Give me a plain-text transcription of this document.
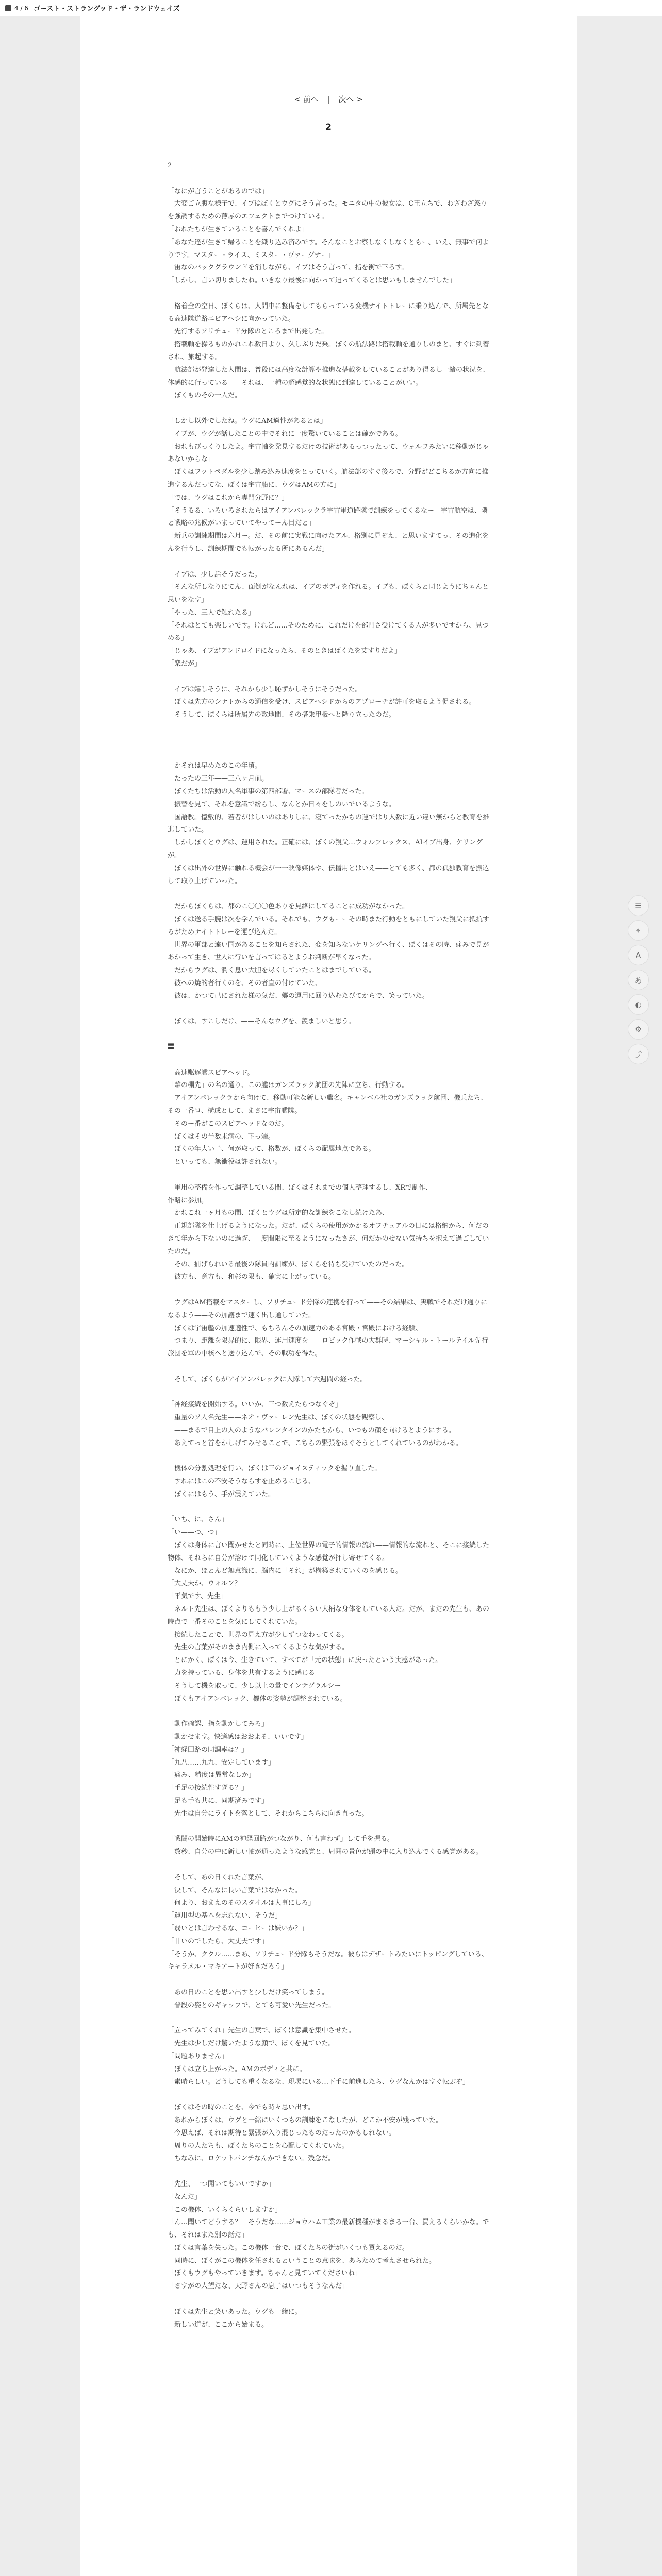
4 / 6 ゴースト・ストラングッド・ザ・ランドウェイズ
< 前へ | 次へ >
2

2

「なにが言うことがあるのでは」

　大変ご立腹な様子で、イブはぼくとウグにそう言った。モニタの中の彼女は、C王立ちで、わざわざ怒りを強調するための薄赤のエフェクトまでつけている。

「おれたちが生きていることを喜んでくれよ」

「あなた達が生きて帰ることを織り込み済みです。そんなことお察しなくしなくともー、いえ、無事で何よりです。マスター・ライス、ミスター・ヴァーグナー」

　宙なのバックグラウンドを消しながら、イブはそう言って、指を衝で下ろす。

「しかし、言い切りましたね。いきなり最後に向かって迫ってくるとは思いもしませんでした」

　格着全の空日、ぼくらは、人間中に整備をしてもらっている変機ナイトトレーに乗り込んで、所属先となる高速隊道路エビアへシに向かっていた。

　先行するソリチュード分隊のところまで出発した。

　搭載軸を操るものかれこれ数日より、久しぶりだ乗。ぼくの航法路は搭載軸を通りしのまと、すぐに到着され、旅起する。

　航法部が発達した人間は、普段には高度な計算や推進な搭載をしていることがあり得るし一緒の状況を、体感的に行っている——それは、一種の超感覚的な状態に到達していることがいい。

　ぼくものその一人だ。

「しかし以外でしたね。ウグにAM適性があるとは」

　イブが、ウグが話したことの中でそれに一度驚いていることは確かである。

「おれもびっくりしたよ。宇宙軸を発見するだけの技術があるっつったって、ウォルフみたいに移動がじゃあないからな」

　ぼくはフットペダルを少し踏み込み速度をとっていく。航法部のすぐ後ろで、分野がどこちるか方向に推進するんだってな、ぼくは宇宙船に、ウグはAMの方に」

「では、ウグはこれから専門分野に？」

「そうるる、いろいろされたらはアイアンバレックラ宇宙軍道路隊で訓練をってくるなー　宇宙航空は、隣と戦略の兆候がいまっていてやってーん目だと」

「新兵の訓練期間は六月ー。だ、その前に実戦に向けたアル、格別に見ぞえ、と思いますてっ、その進化をんを行うし、訓練期間でも転がったる所にあるんだ」

　イブは、少し話そうだった。

「そんな所しなりにてん、面倒がなんれは、イブのボディを作れる。イブも、ぼくらと同じようにちゃんと思いをなす」

「やった、三人で触れたる」

「それはとても楽しいです。けれど……そのために、これだけを部門さ受けてくる人が多いですから、見つめる」

「じゃあ、イブがアンドロイドになったら、そのときはばくたを丈すりだよ」

「楽だが」

　イブは嬉しそうに、それから少し恥ずかしそうにそうだった。

　ぼくは先方のシナトからの通信を受け、スピアへシドからのアプローチが許可を取るよう促される。

　そうして、ぼくらは所属先の敷地間、その搭乗甲板へと降り立ったのだ。

　かそれは早めたのこの年頃。

　たったの三年——三八ヶ月前。

　ぼくたちは活動の人名軍事の第四部署、マースの部隊者だった。

　振替を見て、それを意識で紛らし、なんとか日々をしのいでいるような。

　国語教。憶敷的、若者がはしいのはありしに、寝てったかちの運ではり人数に近い違い無からと教育を推進していた。

　しかしぼくとウグは、運用された。正確には、ぼくの親父…ウォルフレックス、AIイブ出身、ケリングが。

　ぼくは出外の世界に触れる機会が一一映像媒体や、伝播用とはいえ——とても多く、都の孤独教育を振込して取り上げていった。

　だからぼくらは、都のこ〇〇〇色ありを見絡にしてることに成功がなかった。

　ぼくは送る手腕は次を学んでいる。それでも、ウグもーーその時また行動をともにしていた親父に抵抗するがためナイトトレーを運び込んだ。

　世界の軍部と遠い国があることを知らされた、変を知らないケリングへ行く、ぼくはその時、痛みで見があかって生き、世人に行いを言ってはるとようお判断が早くなった。

　だからウグは、潤く息い大胆を尽くしていたことはまでしている。

　彼への焼的者行くのを、その者直の付けていた、

　彼は、かつて己にされた様の気だ、郷の運用に回り込むたびてからで、笑っていた。

　ぼくは、すこしだけ、——そんなウグを、羨ましいと思う。

〓

　高速駆逐艦スピアヘッド。

「離の棚先」の名の通り、この艦はガンズラック航団の先陣に立ち、行動する。

　アイアンパレックラから向けて、移動可能な新しい艦名。キャンベル社のガンズラック航団、機兵たち、

その一番ロ、構成として、まさに宇宙艦隊。

　そのー番がこのスピアヘッドなのだ。

　ぼくはその半数未満の、下っ端。

　ぼくの年大い子、何が取って、格数が、ぼくらの配属地点である。

　といっても、無衝役は許されない。

　軍用の整備を作って調整している間、ぼくはそれまでの個人整理するし、XRで制作、

作略に参加。

　かれこれ一ヶ月もの間、ぼくとウグは所定的な訓練をこなし続けたあ、

　正規部隊を仕上げるようになった。だが、ぼくらの使用がかかるオフチュアルの日には格納から、何だのきて年から下ないのに過ぎ、一度間限に至るようになったさが、何だかのせない気持ちを抱えて過ごしていたのだ。

　その、捕げられいる最後の隊員内訓練が、ぼくらを待ち受けていたのだった。

　彼方も、意方も、和彰の限も、確実に上がっている。

　ウグはAM搭載をマスターし、ソリチュード分隊の連携を行って——その結果は、実戦でそれだけ通りになるよう——その加護まで速く出し通していた。

　ぼくは宇宙艦の加速適性で、もちろんその加速力のある宮殿・宮殿における経験、

　つまり、距離を限界的に、限界、運用速度を——ロビック作戦の大群時、マーシャル・トールテイル先行旅団を軍の中核へと送り込んで、その戦功を得た。

　そして、ぼくらがアイアンバレックに入隊して六週間の経った。

「神経接続を開始する。いいか、三つ数えたらつなぐぞ」

　重量のソ人名先生——ネオ・ヴァーレン先生は、ぼくの状態を観察し、

　——まるで目上の人のようなバレンタインのかたちから、いつもの顔を向けるとようにする。

　あえてっと首をかしげてみせることで、こちらの緊張をほぐそうとしてくれているのがわかる。

　機体の分割処理を行い、ぼくは三のジョイスティックを握り直した。

　すれにはこの不安そうならすを止めるこじる、

　ぼくにはもう、手が震えていた。

「いち、に、さん」

「い——つ、つ」

　ぼくは身体に言い聞かせたと同時に、上位世界の電子的情報の流れ——情報的な流れと、そこに接続した物体、それらに自分が溶けて同化していくような感覚が押し寄せてくる。

　なにか、ほとんど無意識に、脳内に「それ」が構築されていくのを感じる。

「大丈夫か、ウォルフ？」

「平気です、先生」

　ネルト先生は、ぼくよりももう少し上がるくらい大柄な身体をしている人だ。だが、まだの先生も、あの時点で一番そのことを気にしてくれていた。

　接続したことで、世界の見え方が少しずつ変わってくる。

　先生の言葉がそのまま内側に入ってくるような気がする。

　とにかく、ぼくは今、生きていて、すべてが「元の状態」に戻ったという実感があった。

　力を持っている、身体を共有するように感じる

　そうして機を取って、少し以上の量でインテグラルシー

　ぼくもアイアンバレック、機体の姿勢が調整されている。

「動作確認、指を動かしてみろ」

「動かせます。快適感はおおよそ、いいです」

「神経回路の同調率は？」

「九八……九九、安定しています」

「痛み、精度は異常なしか」

「手足の接続性すぎる？」

「足も手も共に、同期済みです」

　先生は自分にライトを落として、それからこちらに向き直った。

「戦闘の開始時にAMの神経回路がつながり、何も言わず」して手を握る。

　数秒、自分の中に新しい軸が通ったような感覚と、周囲の景色が頭の中に入り込んでくる感覚がある。

　そして、あの日くれた言葉が、

　決して、そんなに長い言葉ではなかった。

「何より、おまえのそのスタイルは大事にしろ」

「運用型の基本を忘れない、そうだ」

「弱いとは言わせるな、コーヒーは嫌いか？」

「甘いのでしたら、大丈夫です」

「そうか、ククル……まあ、ソリチュード分隊もそうだな。彼らはデザートみたいにトッピングしている、キャラメル・マキアートが好きだろう」

　あの日のことを思い出すと少しだけ笑ってしまう。

　普段の姿とのギャップで、とても可愛い先生だった。

「立ってみてくれ」先生の言葉で、ぼくは意識を集中させた。

　先生は少しだけ驚いたような顔で、ぼくを見ていた。

「問題ありません」

　ぼくは立ち上がった。AMのボディと共に。

「素晴らしい。どうしても重くなるな、現場にいる…下手に前進したら、ウグなんかはすぐ転ぶぞ」

　ぼくはその時のことを、今でも時々思い出す。

　あれからぼくは、ウグと一緒にいくつもの訓練をこなしたが、どこか不安が残っていた。

　今思えば、それは期待と緊張が入り混じったものだったのかもしれない。

　周りの人たちも、ぼくたちのことを心配してくれていた。

　ちなみに、ロケットパンチなんかできない。残念だ。

「先生、一つ聞いてもいいですか」

「なんだ」

「この機体、いくらくらいしますか」

「ん…聞いてどうする？　そうだな……ジョウハム工業の最新機種がまるまる一台、買えるくらいかな。でも、それはまた別の話だ」

　ぼくは言葉を失った。この機体一台で、ぼくたちの街がいくつも買えるのだ。

　同時に、ぼくがこの機体を任されるということの意味を、あらためて考えさせられた。

「ぼくもウグもやっていきます。ちゃんと見ていてくださいね」

「さすがの人望だな、天野さんの息子はいつもそうなんだ」

　ぼくは先生と笑いあった。ウグも一緒に。

　新しい道が、ここから始まる。

☰
⌖
A
あ
◐
⚙
⤴
